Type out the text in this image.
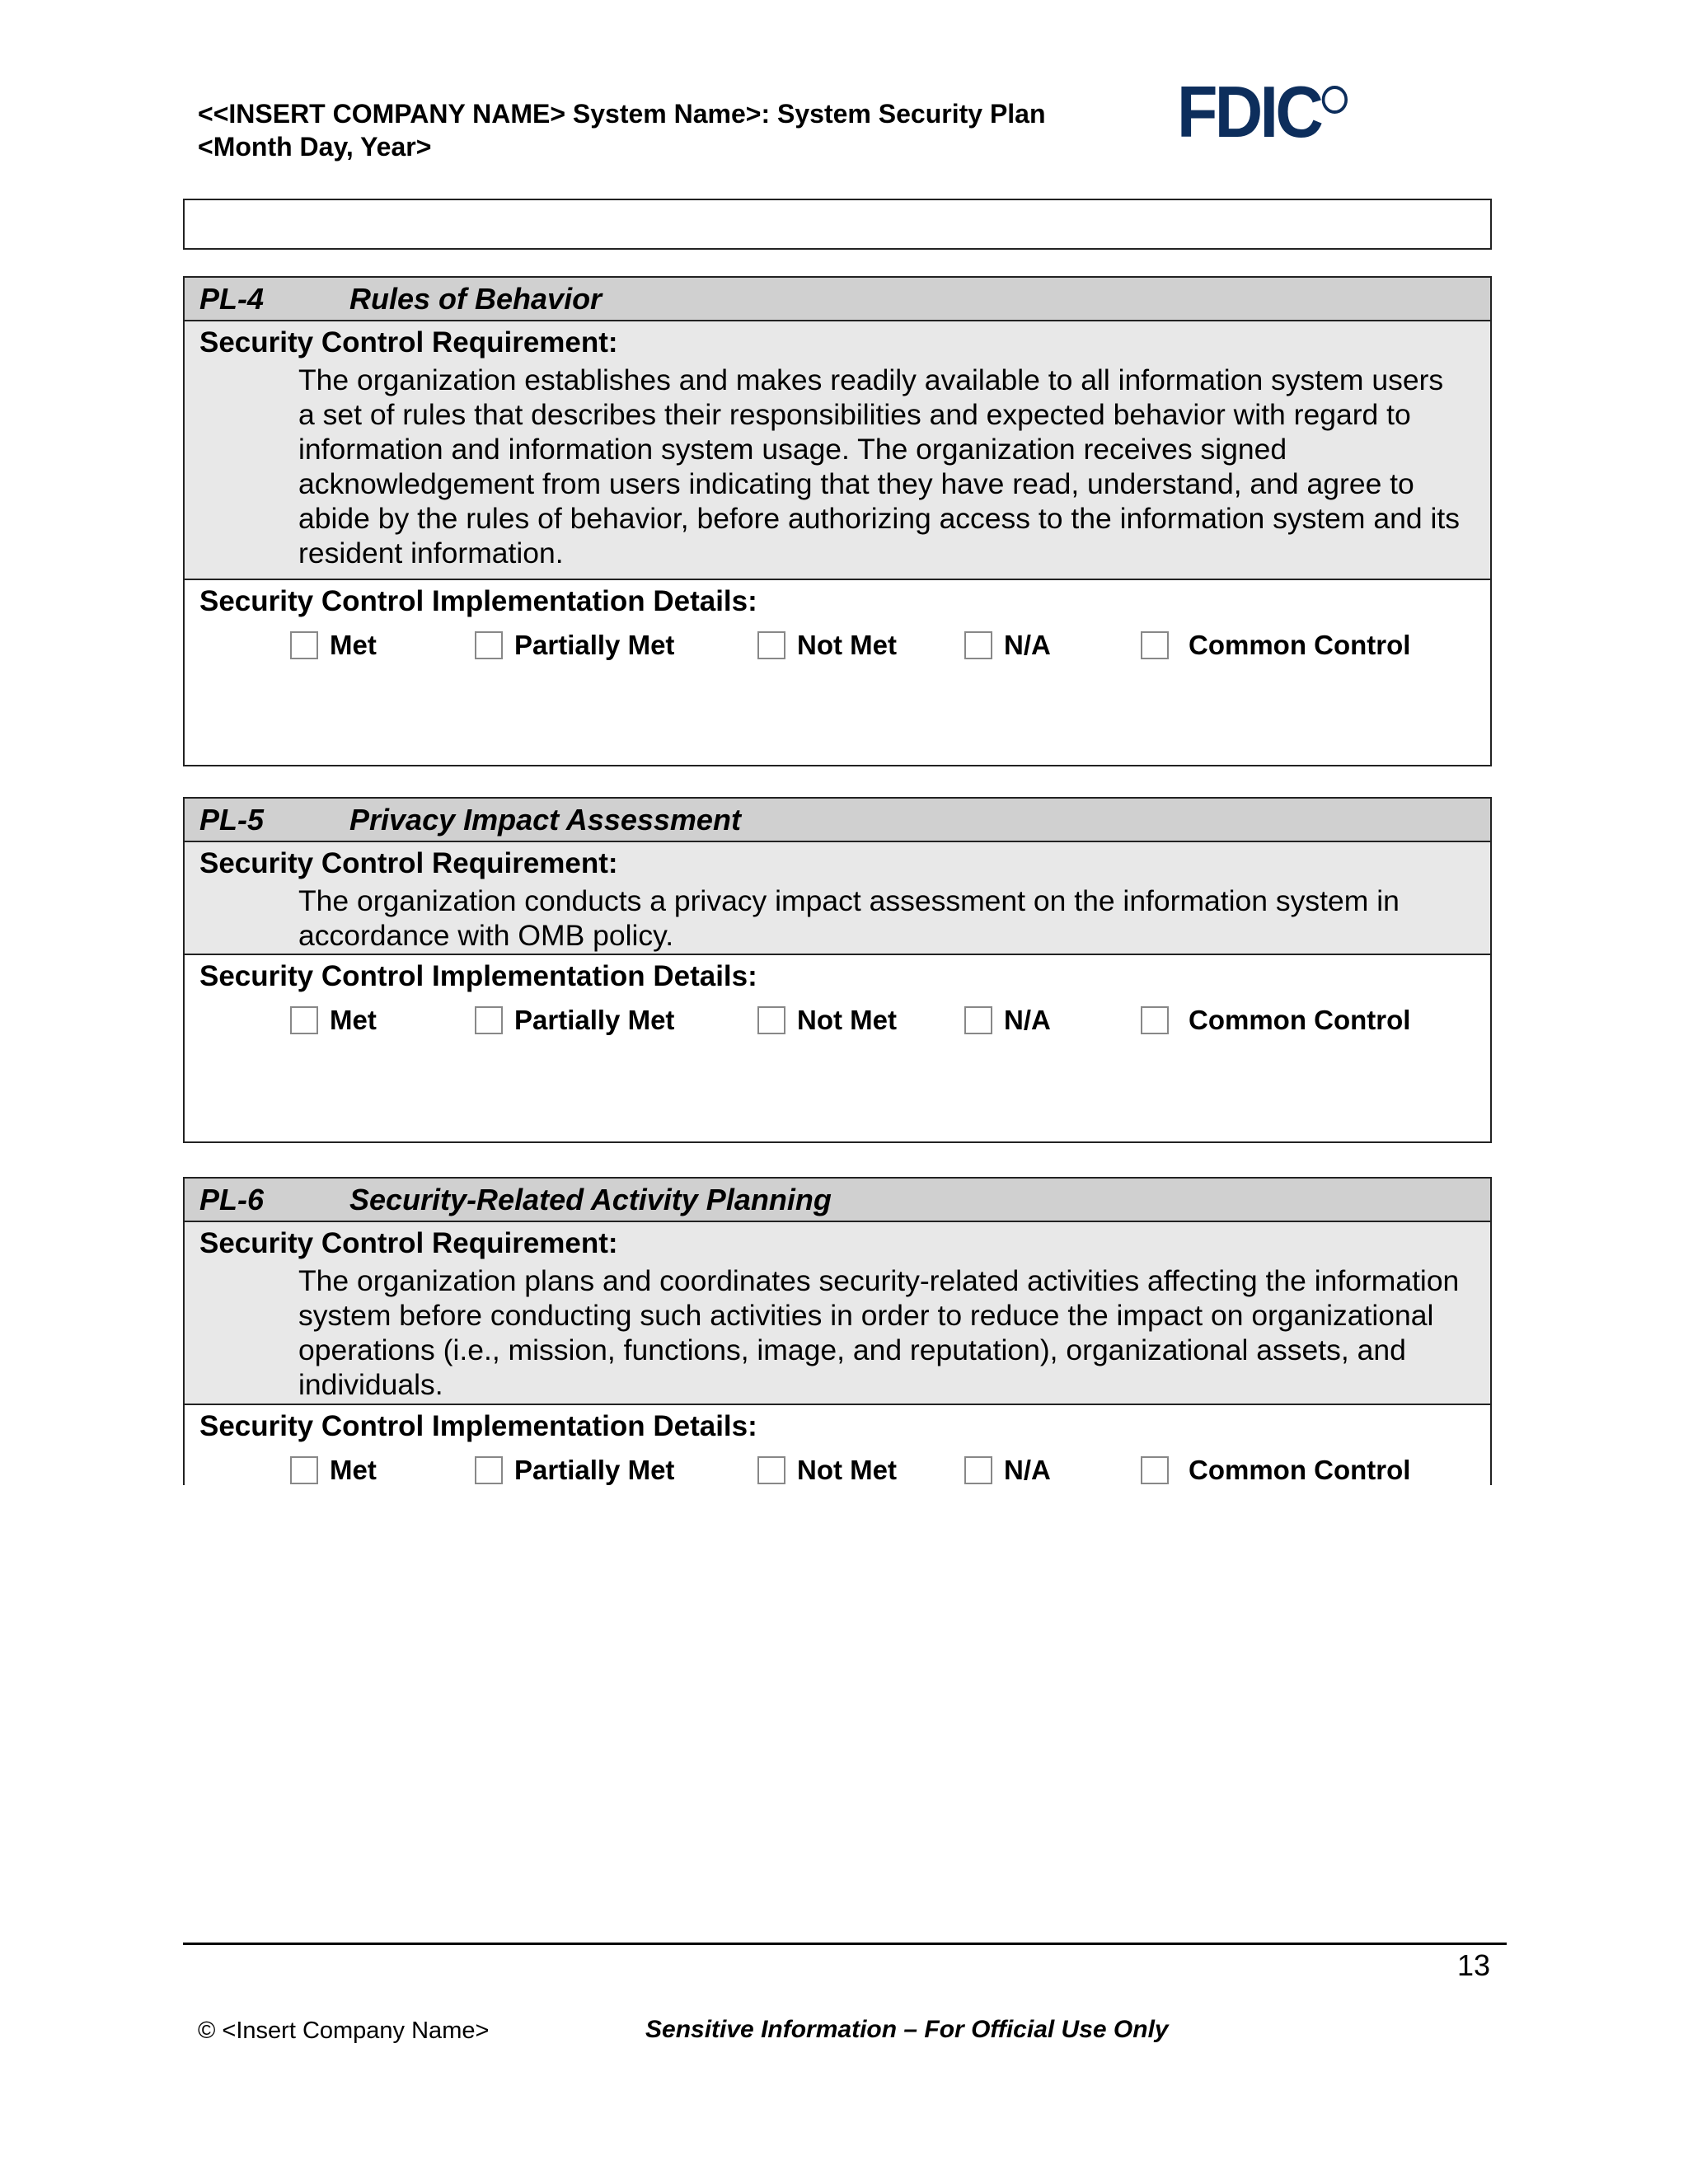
<<INSERT COMPANY NAME> System Name>: System Security Plan
<Month Day, Year>	FDIC
PL-4	Rules of Behavior
Security Control Requirement:
The organization establishes and makes readily available to all information system users a set of rules that describes their responsibilities and expected behavior with regard to information and information system usage. The organization receives signed acknowledgement from users indicating that they have read, understand, and agree to abide by the rules of behavior, before authorizing access to the information system and its resident information.
Security Control Implementation Details:
Met	Partially Met	Not Met	N/A	Common Control
PL-5	Privacy Impact Assessment
Security Control Requirement:
The organization conducts a privacy impact assessment on the information system in accordance with OMB policy.
Security Control Implementation Details:
Met	Partially Met	Not Met	N/A	Common Control
PL-6	Security-Related Activity Planning
Security Control Requirement:
The organization plans and coordinates security-related activities affecting the information system before conducting such activities in order to reduce the impact on organizational operations (i.e., mission, functions, image, and reputation), organizational assets, and individuals.
Security Control Implementation Details:
Met	Partially Met	Not Met	N/A	Common Control
13
© <Insert Company Name>	Sensitive Information – For Official Use Only
